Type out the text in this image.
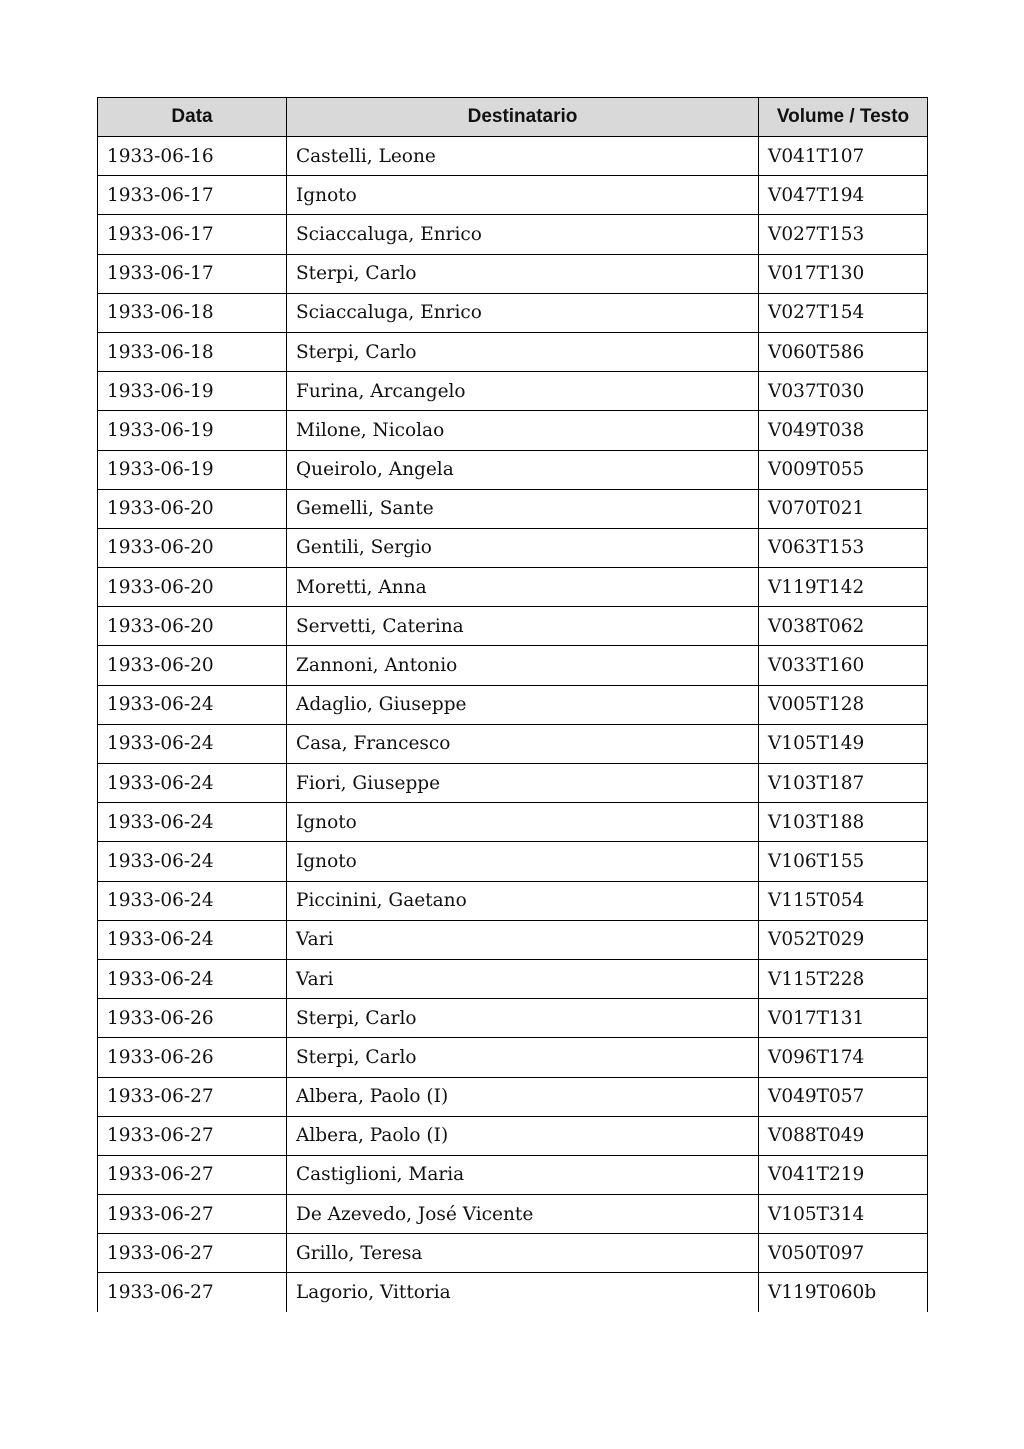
Data	Destinatario	Volume / Testo
1933-06-16	Castelli, Leone	V041T107
1933-06-17	Ignoto	V047T194
1933-06-17	Sciaccaluga, Enrico	V027T153
1933-06-17	Sterpi, Carlo	V017T130
1933-06-18	Sciaccaluga, Enrico	V027T154
1933-06-18	Sterpi, Carlo	V060T586
1933-06-19	Furina, Arcangelo	V037T030
1933-06-19	Milone, Nicolao	V049T038
1933-06-19	Queirolo, Angela	V009T055
1933-06-20	Gemelli, Sante	V070T021
1933-06-20	Gentili, Sergio	V063T153
1933-06-20	Moretti, Anna	V119T142
1933-06-20	Servetti, Caterina	V038T062
1933-06-20	Zannoni, Antonio	V033T160
1933-06-24	Adaglio, Giuseppe	V005T128
1933-06-24	Casa, Francesco	V105T149
1933-06-24	Fiori, Giuseppe	V103T187
1933-06-24	Ignoto	V103T188
1933-06-24	Ignoto	V106T155
1933-06-24	Piccinini, Gaetano	V115T054
1933-06-24	Vari	V052T029
1933-06-24	Vari	V115T228
1933-06-26	Sterpi, Carlo	V017T131
1933-06-26	Sterpi, Carlo	V096T174
1933-06-27	Albera, Paolo (I)	V049T057
1933-06-27	Albera, Paolo (I)	V088T049
1933-06-27	Castiglioni, Maria	V041T219
1933-06-27	De Azevedo, José Vicente	V105T314
1933-06-27	Grillo, Teresa	V050T097
1933-06-27	Lagorio, Vittoria	V119T060b
